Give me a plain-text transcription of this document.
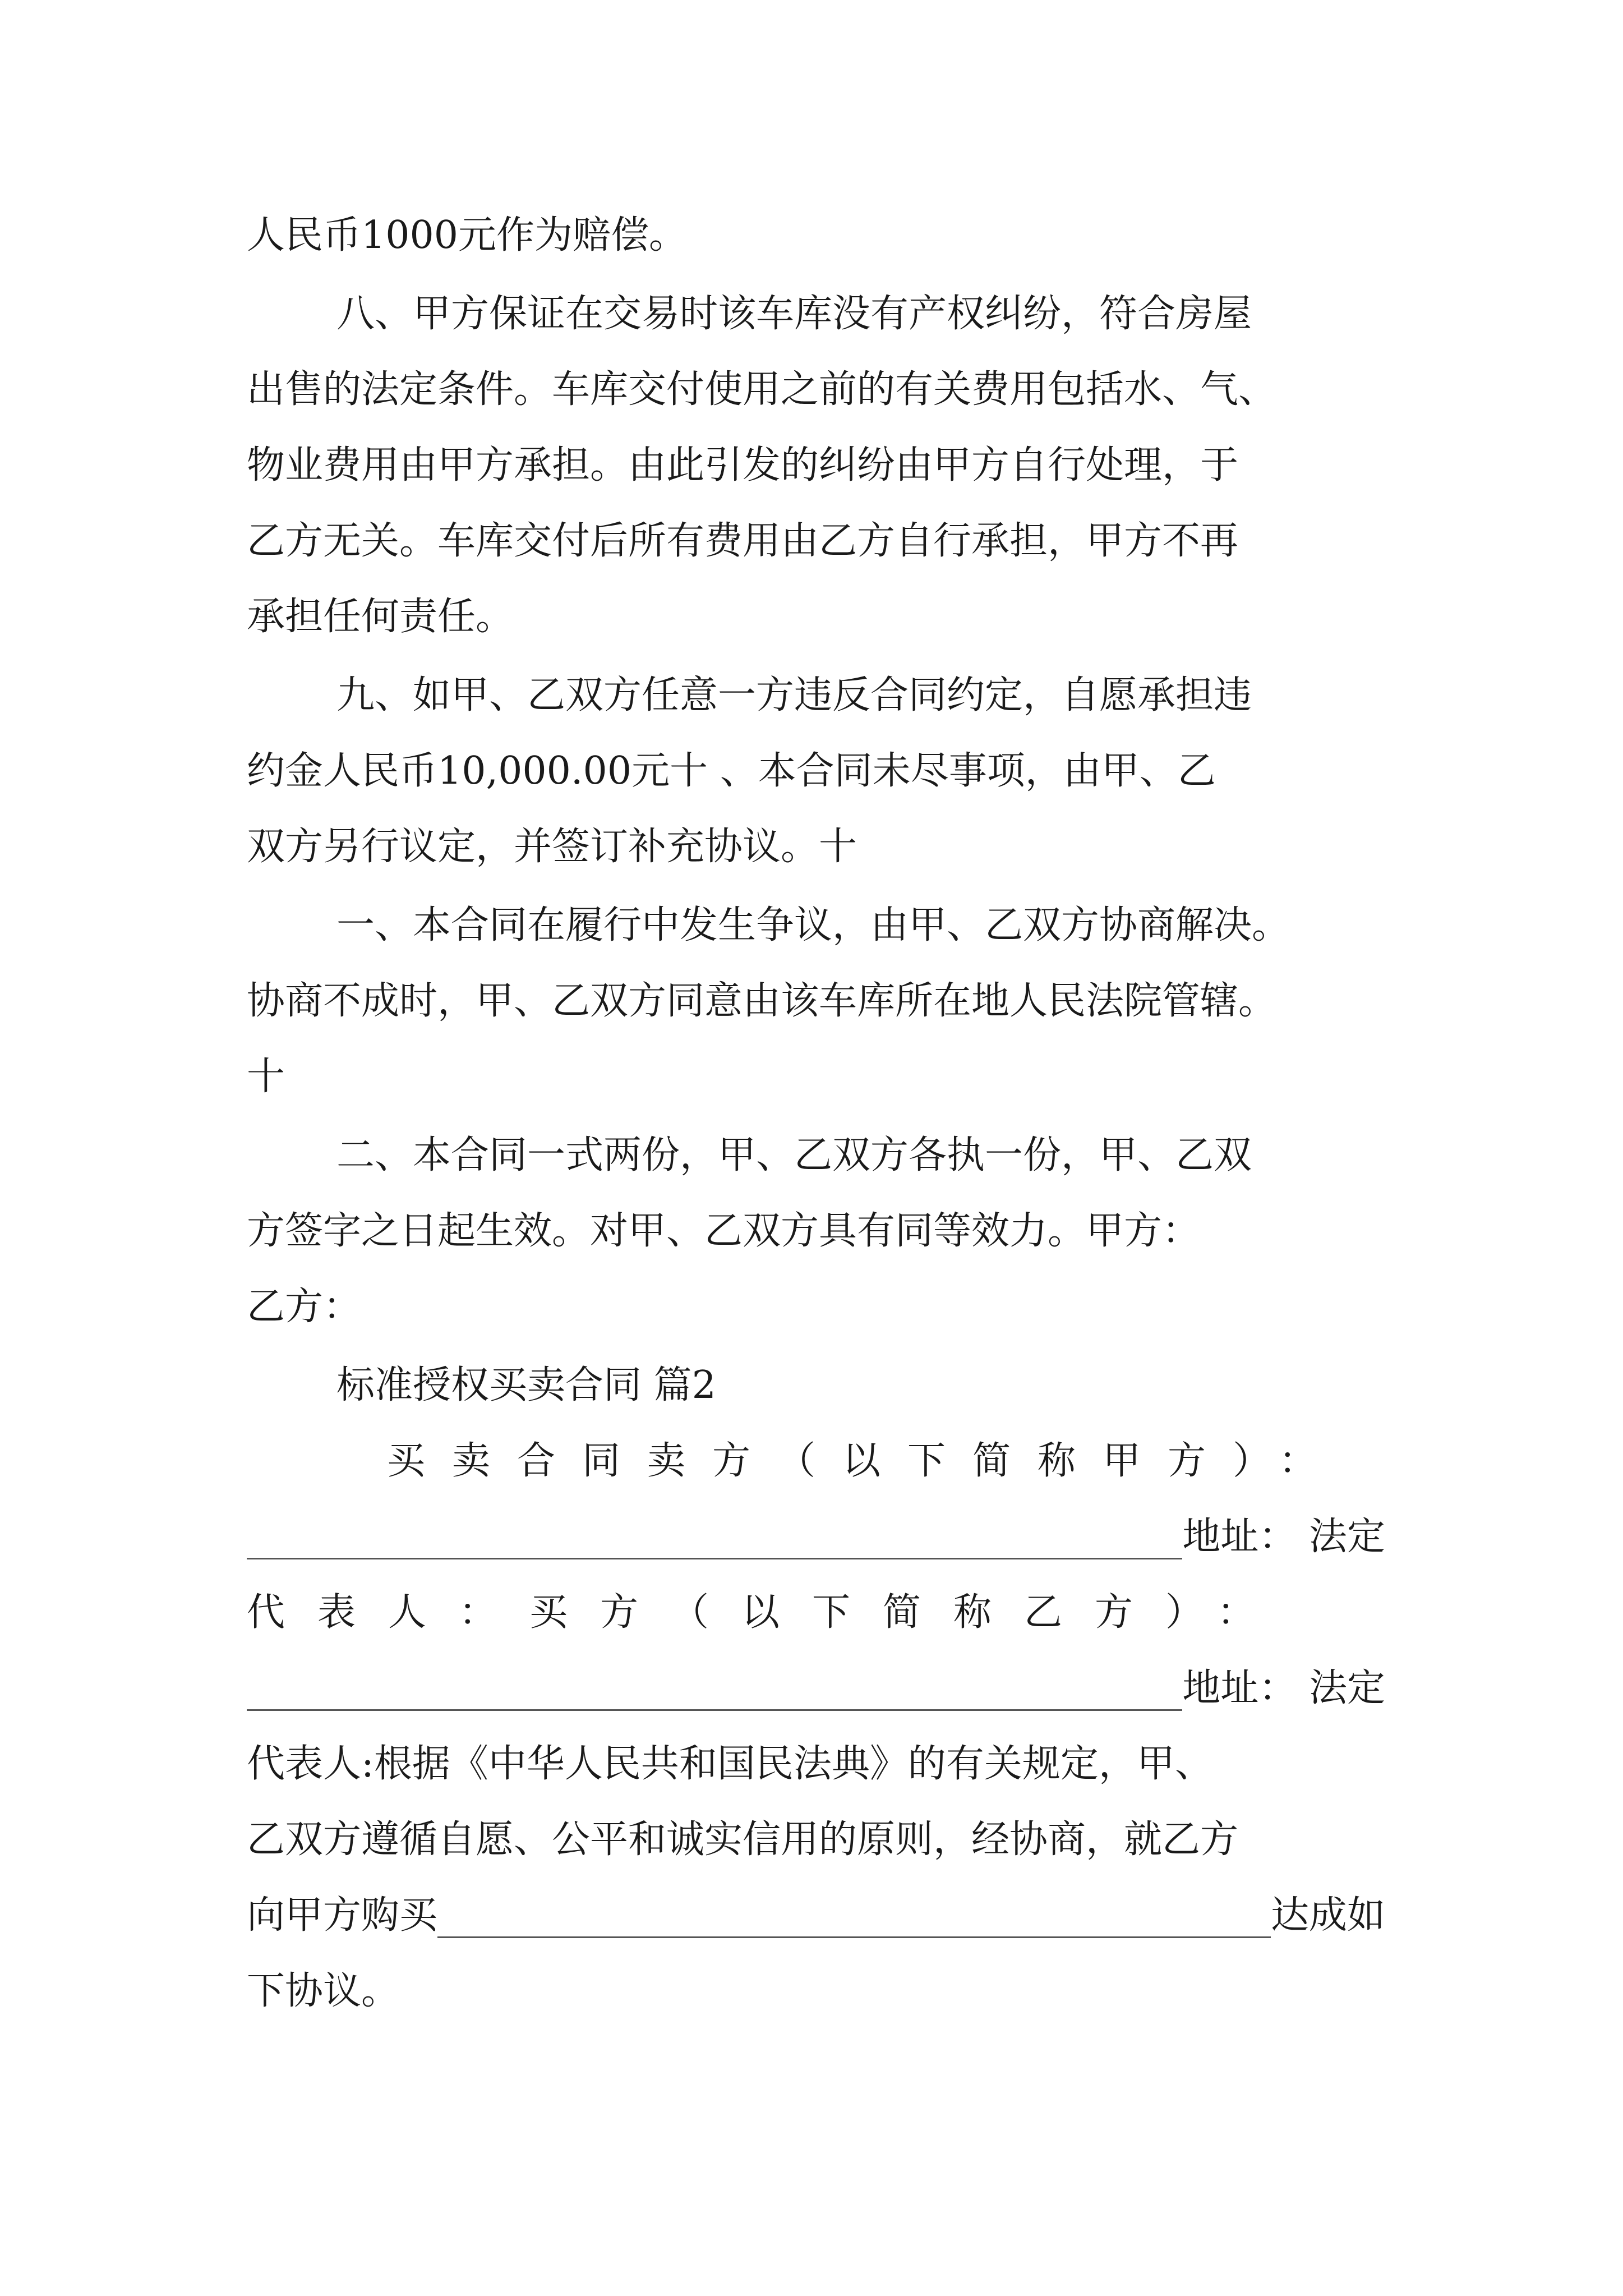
人民币1000元作为赔偿。
八、甲方保证在交易时该车库没有产权纠纷，符合房屋
出售的法定条件。车库交付使用之前的有关费用包括水、气、
物业费用由甲方承担。由此引发的纠纷由甲方自行处理，于
乙方无关。车库交付后所有费用由乙方自行承担，甲方不再
承担任何责任。
九、如甲、乙双方任意一方违反合同约定，自愿承担违
约金人民币10,000.00元十 、本合同未尽事项，由甲、乙
双方另行议定，并签订补充协议。十
一、本合同在履行中发生争议，由甲、乙双方协商解决。
协商不成时，甲、乙双方同意由该车库所在地人民法院管辖。
十
二、本合同一式两份，甲、乙双方各执一份，甲、乙双
方签字之日起生效。对甲、乙双方具有同等效力。甲方：
乙方：
标准授权买卖合同 篇2
买卖合同卖方（以下简称甲方）：
地址： 法定
代表人：买方（以下简称乙方）：
地址： 法定
代表人:根据《中华人民共和国民法典》的有关规定，甲、
乙双方遵循自愿、公平和诚实信用的原则，经协商，就乙方
向甲方购买	达成如
下协议。
